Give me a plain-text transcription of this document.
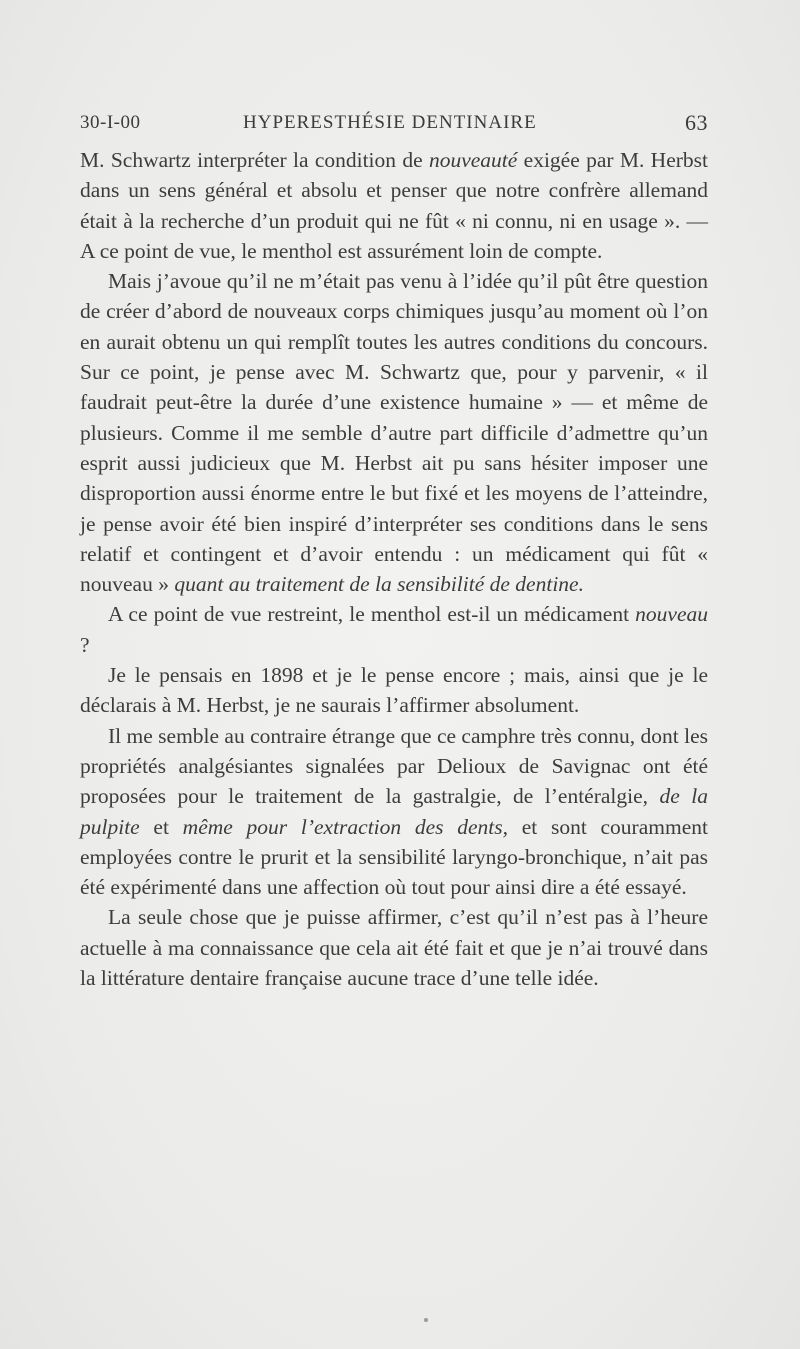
30-I-00	HYPERESTHÉSIE DENTINAIRE	63

M. Schwartz interpréter la condition de nouveauté exigée par M. Herbst dans un sens général et absolu et penser que notre confrère allemand était à la recherche d’un produit qui ne fût « ni connu, ni en usage ». — A ce point de vue, le menthol est assurément loin de compte.

Mais j’avoue qu’il ne m’était pas venu à l’idée qu’il pût être question de créer d’abord de nouveaux corps chimiques jusqu’au moment où l’on en aurait obtenu un qui remplît toutes les autres conditions du concours. Sur ce point, je pense avec M. Schwartz que, pour y parvenir, « il faudrait peut-être la durée d’une existence humaine » — et même de plusieurs. Comme il me semble d’autre part difficile d’admettre qu’un esprit aussi judicieux que M. Herbst ait pu sans hésiter imposer une disproportion aussi énorme entre le but fixé et les moyens de l’atteindre, je pense avoir été bien inspiré d’interpréter ses conditions dans le sens relatif et contingent et d’avoir entendu : un médicament qui fût « nouveau » quant au traitement de la sensibilité de dentine.

A ce point de vue restreint, le menthol est-il un médicament nouveau ?

Je le pensais en 1898 et je le pense encore ; mais, ainsi que je le déclarais à M. Herbst, je ne saurais l’affirmer absolument.

Il me semble au contraire étrange que ce camphre très connu, dont les propriétés analgésiantes signalées par Delioux de Savignac ont été proposées pour le traitement de la gastralgie, de l’entéralgie, de la pulpite et même pour l’extraction des dents, et sont couramment employées contre le prurit et la sensibilité laryngo-bronchique, n’ait pas été expérimenté dans une affection où tout pour ainsi dire a été essayé.

La seule chose que je puisse affirmer, c’est qu’il n’est pas à l’heure actuelle à ma connaissance que cela ait été fait et que je n’ai trouvé dans la littérature dentaire française aucune trace d’une telle idée.
